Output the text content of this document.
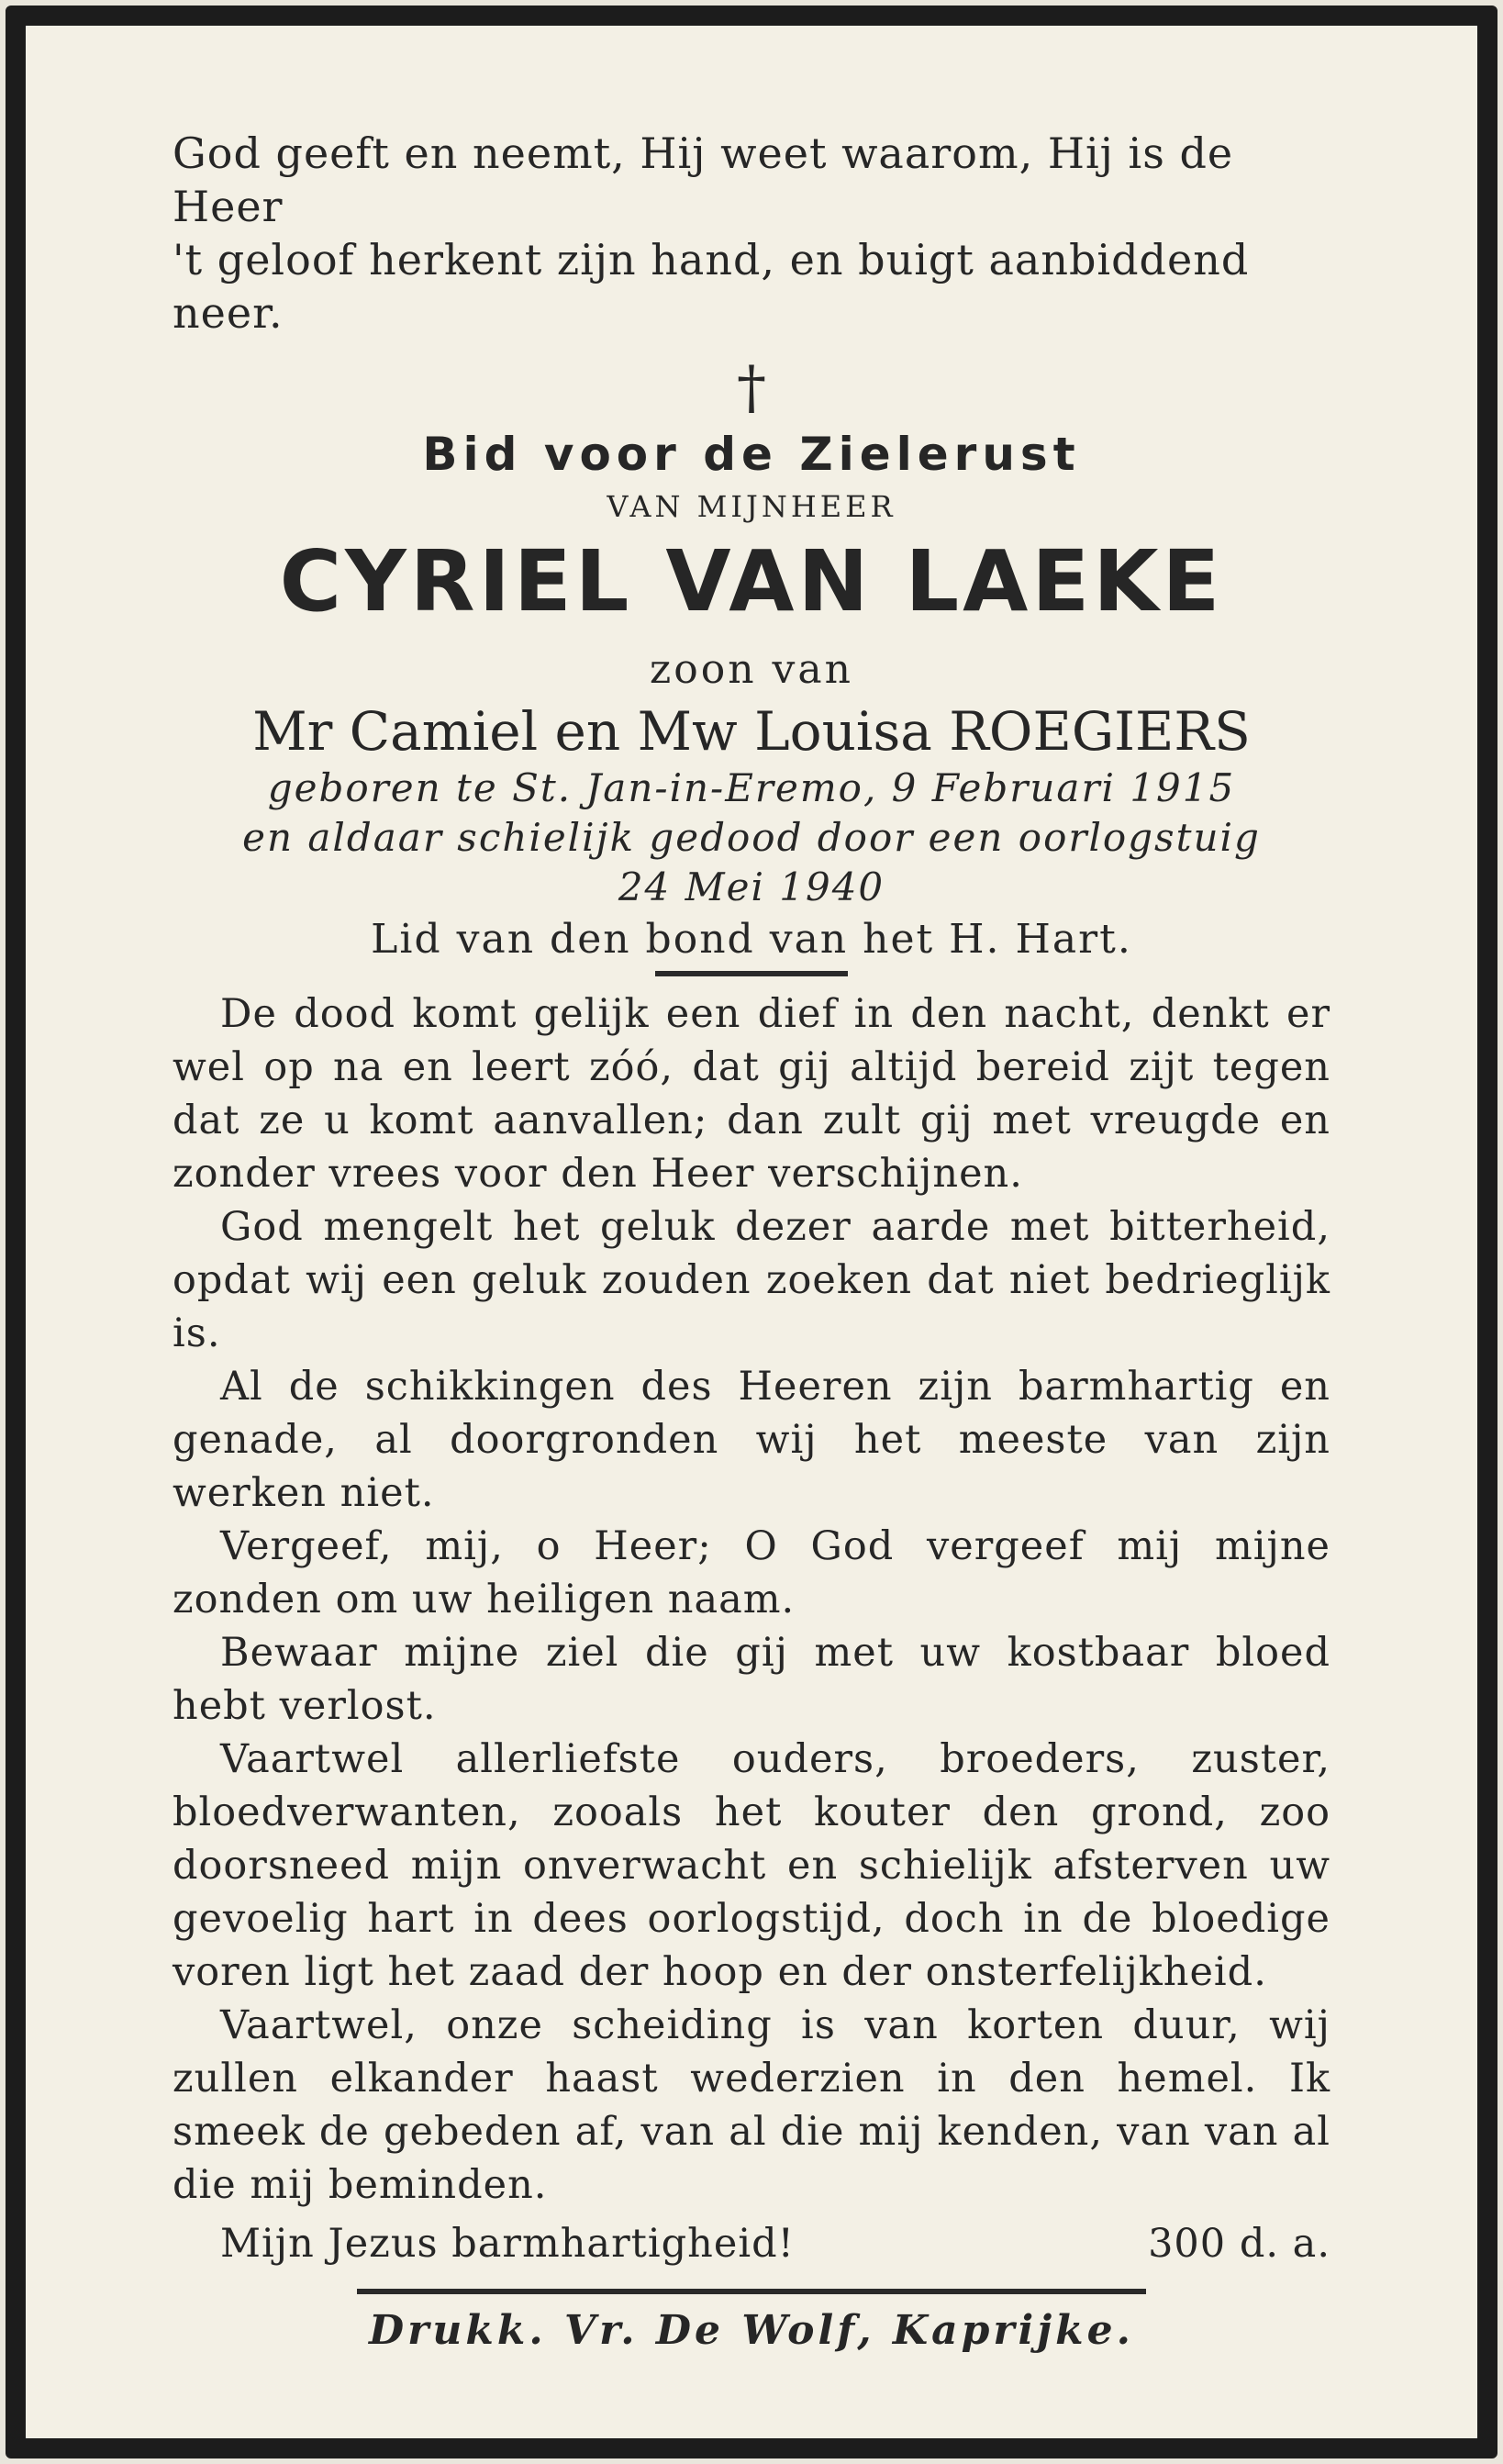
God geeft en neemt, Hij weet waarom, Hij is de Heer

't geloof herkent zijn hand, en buigt aanbiddend neer.

†
Bid voor de Zielerust
VAN MIJNHEER
CYRIEL VAN LAEKE
zoon van
Mr Camiel en Mw Louisa ROEGIERS

geboren te St. Jan-in-Eremo, 9 Februari 1915

en aldaar schielijk gedood door een oorlogstuig

24 Mei 1940

Lid van den bond van het H. Hart.

De dood komt gelijk een dief in den nacht, denkt er wel op na en leert zóó, dat gij altijd bereid zijt tegen dat ze u komt aanvallen; dan zult gij met vreugde en zonder vrees voor den Heer verschijnen.

God mengelt het geluk dezer aarde met bitterheid, opdat wij een geluk zouden zoeken dat niet bedrieglijk is.

Al de schikkingen des Heeren zijn barmhartig en genade, al doorgronden wij het meeste van zijn werken niet.

Vergeef, mij, o Heer; O God vergeef mij mijne zonden om uw heiligen naam.

Bewaar mijne ziel die gij met uw kostbaar bloed hebt verlost.

Vaartwel allerliefste ouders, broeders, zuster, bloedverwanten, zooals het kouter den grond, zoo doorsneed mijn onverwacht en schielijk afsterven uw gevoelig hart in dees oorlogstijd, doch in de bloedige voren ligt het zaad der hoop en der onsterfelijkheid.

Vaartwel, onze scheiding is van korten duur, wij zullen elkander haast wederzien in den hemel. Ik smeek de gebeden af, van al die mij kenden, van van al die mij beminden.

Mijn Jezus barmhartigheid!	300 d. a.
Drukk. Vr. De Wolf, Kaprijke.
